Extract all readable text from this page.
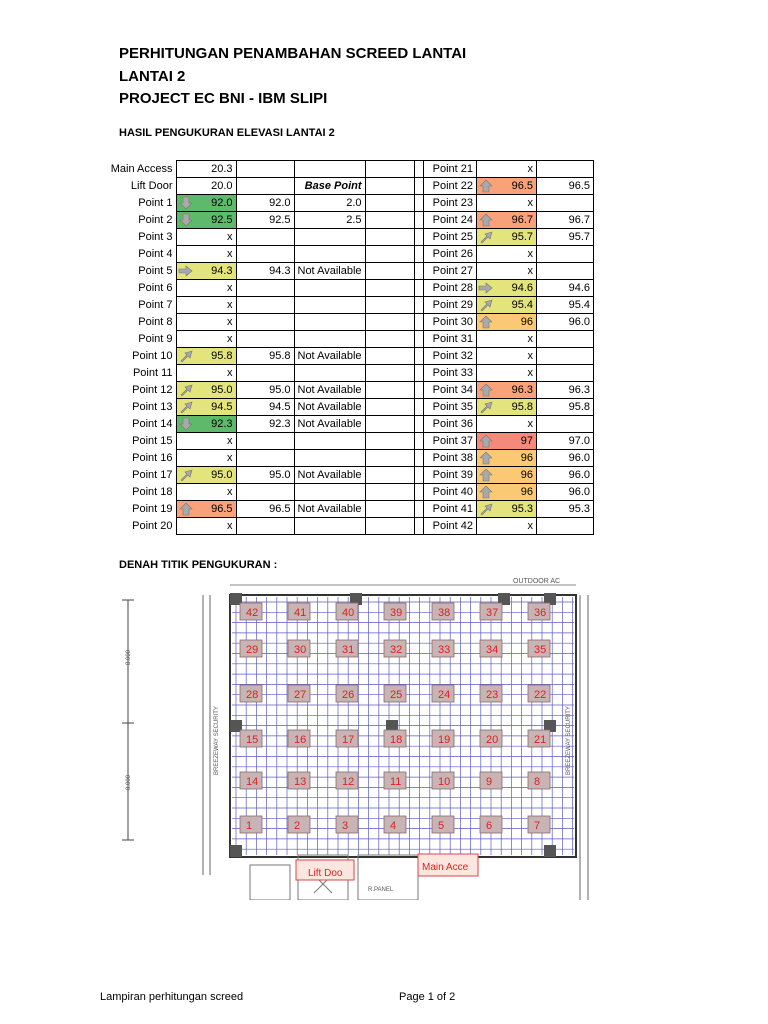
PERHITUNGAN PENAMBAHAN SCREED LANTAI
LANTAI 2
PROJECT EC BNI - IBM SLIPI
HASIL PENGUKURAN ELEVASI LANTAI 2
Main Access	20.3			
Lift Door	20.0		Base Point	
Point 1	92.0	92.0	2.0	
Point 2	92.5	92.5	2.5	
Point 3	x			
Point 4	x			
Point 5	94.3	94.3	Not Available	
Point 6	x			
Point 7	x			
Point 8	x			
Point 9	x			
Point 10	95.8	95.8	Not Available	
Point 11	x			
Point 12	95.0	95.0	Not Available	
Point 13	94.5	94.5	Not Available	
Point 14	92.3	92.3	Not Available	
Point 15	x			
Point 16	x			
Point 17	95.0	95.0	Not Available	
Point 18	x			
Point 19	96.5	96.5	Not Available	
Point 20	x			
Point 21	x	
Point 22	96.5	96.5
Point 23	x	
Point 24	96.7	96.7
Point 25	95.7	95.7
Point 26	x	
Point 27	x	
Point 28	94.6	94.6
Point 29	95.4	95.4
Point 30	96	96.0
Point 31	x	
Point 32	x	
Point 33	x	
Point 34	96.3	96.3
Point 35	95.8	95.8
Point 36	x	
Point 37	97	97.0
Point 38	96	96.0
Point 39	96	96.0
Point 40	96	96.0
Point 41	95.3	95.3
Point 42	x	
DENAH TITIK PENGUKURAN :
8.000
8.000
OUTDOOR AC
BREEZEWAY SECURITY	BREEZEWAY SECURITY
42	41	40	39	38	37	36
29	30	31	32	33	34	35
28	27	26	25	24	23	22
15	16	17	18	19	20	21
14	13	12	11	10	9	8
1	2	3	4	5	6	7
R.PANEL
Lift Doo
Main Acce
Lampiran perhitungan screed	Page 1 of 2
